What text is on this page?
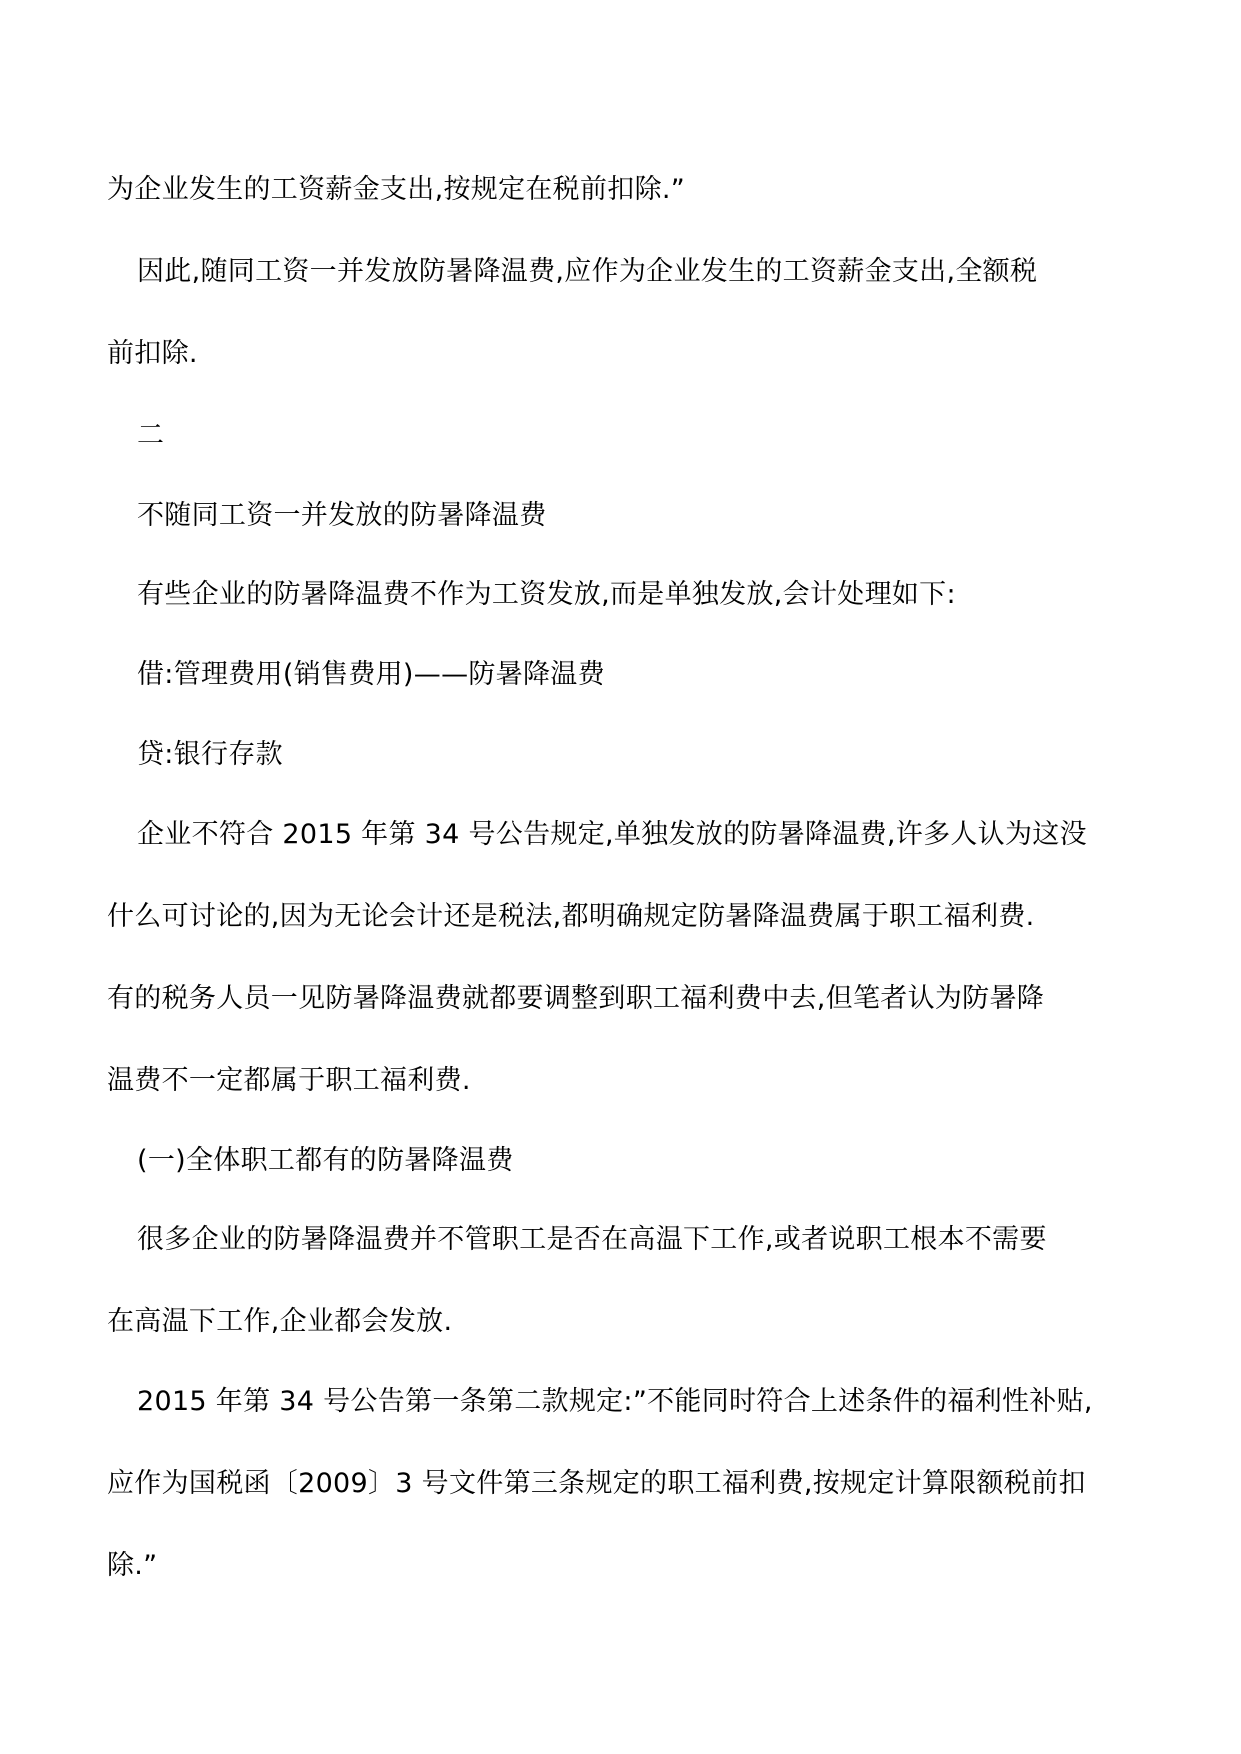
为企业发生的工资薪金支出,按规定在税前扣除.”
因此,随同工资一并发放防暑降温费,应作为企业发生的工资薪金支出,全额税
前扣除.
二
不随同工资一并发放的防暑降温费
有些企业的防暑降温费不作为工资发放,而是单独发放,会计处理如下:
借:管理费用(销售费用)——防暑降温费
贷:银行存款
企业不符合 2015 年第 34 号公告规定,单独发放的防暑降温费,许多人认为这没
什么可讨论的,因为无论会计还是税法,都明确规定防暑降温费属于职工福利费.
有的税务人员一见防暑降温费就都要调整到职工福利费中去,但笔者认为防暑降
温费不一定都属于职工福利费.
(一)全体职工都有的防暑降温费
很多企业的防暑降温费并不管职工是否在高温下工作,或者说职工根本不需要
在高温下工作,企业都会发放.
2015 年第 34 号公告第一条第二款规定:”不能同时符合上述条件的福利性补贴,
应作为国税函〔2009〕3 号文件第三条规定的职工福利费,按规定计算限额税前扣
除.”
